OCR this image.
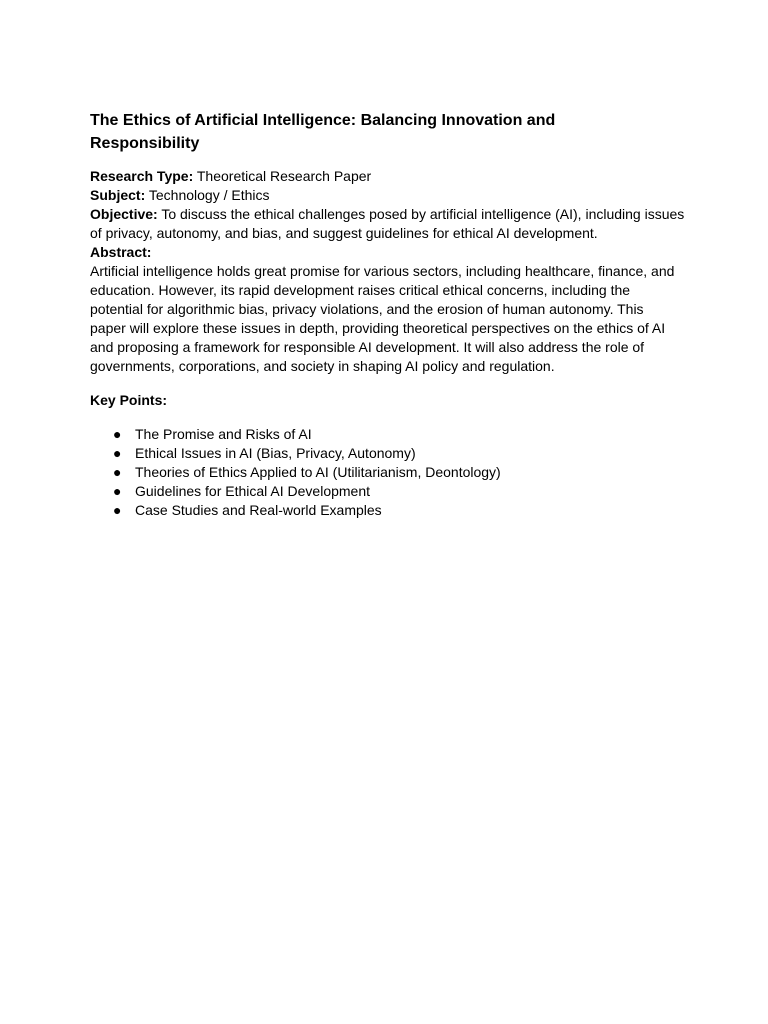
The Ethics of Artificial Intelligence: Balancing Innovation and Responsibility

Research Type: Theoretical Research Paper

Subject: Technology / Ethics

Objective: To discuss the ethical challenges posed by artificial intelligence (AI), including issues of privacy, autonomy, and bias, and suggest guidelines for ethical AI development.

Abstract:

Artificial intelligence holds great promise for various sectors, including healthcare, finance, and education. However, its rapid development raises critical ethical concerns, including the potential for algorithmic bias, privacy violations, and the erosion of human autonomy. This paper will explore these issues in depth, providing theoretical perspectives on the ethics of AI and proposing a framework for responsible AI development. It will also address the role of governments, corporations, and society in shaping AI policy and regulation.

Key Points:

● The Promise and Risks of AI
● Ethical Issues in AI (Bias, Privacy, Autonomy)
● Theories of Ethics Applied to AI (Utilitarianism, Deontology)
● Guidelines for Ethical AI Development
● Case Studies and Real-world Examples
